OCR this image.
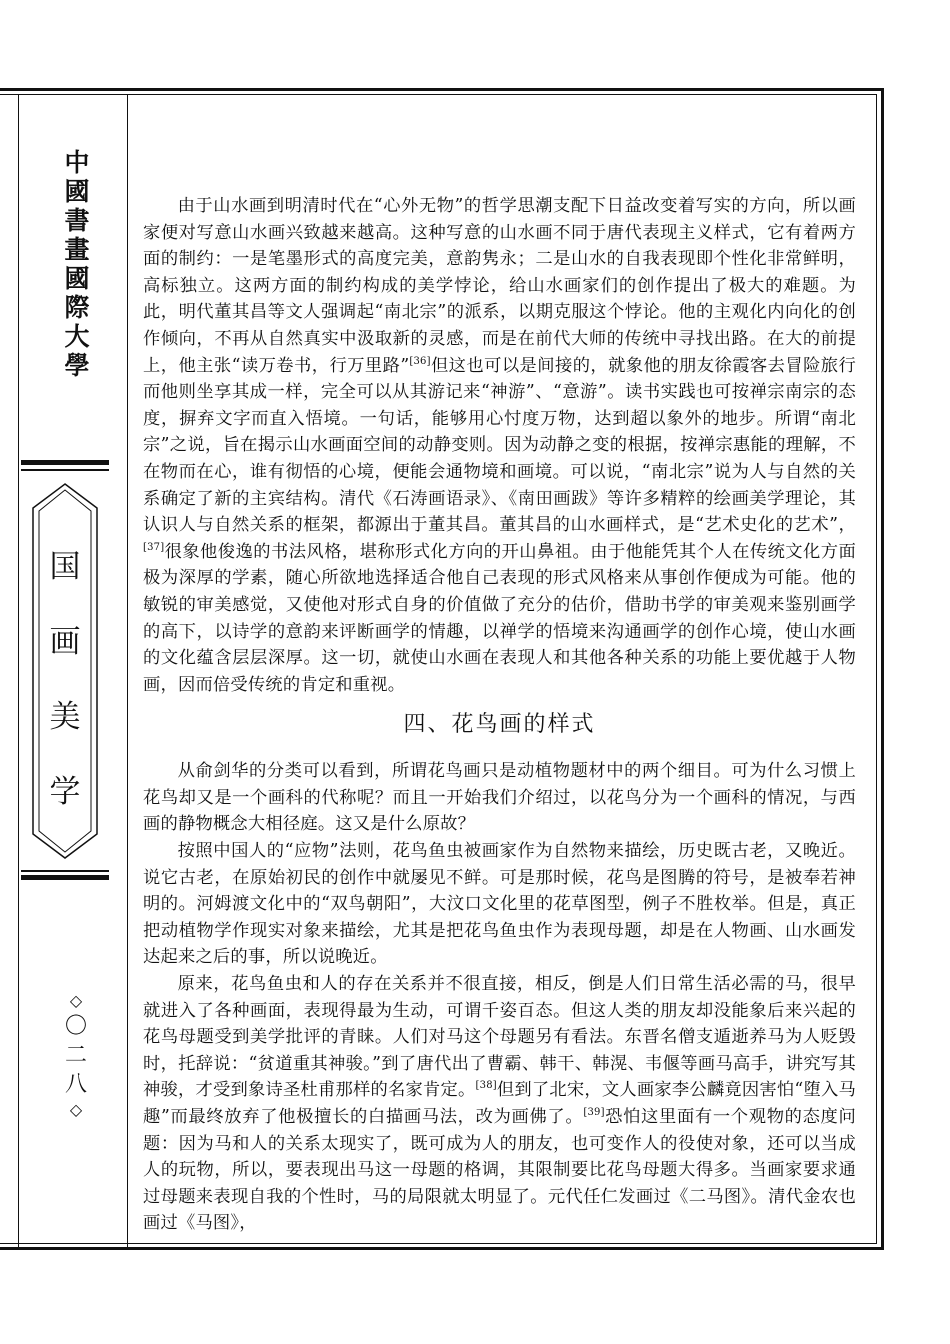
中
國
書
畫
國
際
大
學
国
画
美
学
◇
〇
二
八
◇

由于山水画到明清时代在“心外无物”的哲学思潮支配下日益改变着写实的方向，所以画家便对写意山水画兴致越来越高。这种写意的山水画不同于唐代表现主义样式，它有着两方面的制约：一是笔墨形式的高度完美，意韵隽永；二是山水的自我表现即个性化非常鲜明，高标独立。这两方面的制约构成的美学悖论，给山水画家们的创作提出了极大的难题。为此，明代董其昌等文人强调起“南北宗”的派系，以期克服这个悖论。他的主观化内向化的创作倾向，不再从自然真实中汲取新的灵感，而是在前代大师的传统中寻找出路。在大的前提上，他主张“读万卷书，行万里路”[36]但这也可以是间接的，就象他的朋友徐霞客去冒险旅行而他则坐享其成一样，完全可以从其游记来“神游”、“意游”。读书实践也可按禅宗南宗的态度，摒弃文字而直入悟境。一句话，能够用心忖度万物，达到超以象外的地步。所谓“南北宗”之说，旨在揭示山水画面空间的动静变则。因为动静之变的根据，按禅宗惠能的理解，不在物而在心，谁有彻悟的心境，便能会通物境和画境。可以说，“南北宗”说为人与自然的关系确定了新的主宾结构。清代《石涛画语录》、《南田画跋》等许多精粹的绘画美学理论，其认识人与自然关系的框架，都源出于董其昌。董其昌的山水画样式，是“艺术史化的艺术”，[37]很象他俊逸的书法风格，堪称形式化方向的开山鼻祖。由于他能凭其个人在传统文化方面极为深厚的学素，随心所欲地选择适合他自己表现的形式风格来从事创作便成为可能。他的敏锐的审美感觉，又使他对形式自身的价值做了充分的估价，借助书学的审美观来鉴别画学的高下，以诗学的意韵来评断画学的情趣，以禅学的悟境来沟通画学的创作心境，使山水画的文化蕴含层层深厚。这一切，就使山水画在表现人和其他各种关系的功能上要优越于人物画，因而倍受传统的肯定和重视。

四、花鸟画的样式

从俞剑华的分类可以看到，所谓花鸟画只是动植物题材中的两个细目。可为什么习惯上花鸟却又是一个画科的代称呢？而且一开始我们介绍过，以花鸟分为一个画科的情况，与西画的静物概念大相径庭。这又是什么原故？

按照中国人的“应物”法则，花鸟鱼虫被画家作为自然物来描绘，历史既古老，又晚近。说它古老，在原始初民的创作中就屡见不鲜。可是那时候，花鸟是图腾的符号，是被奉若神明的。河姆渡文化中的“双鸟朝阳”，大汶口文化里的花草图型，例子不胜枚举。但是，真正把动植物学作现实对象来描绘，尤其是把花鸟鱼虫作为表现母题，却是在人物画、山水画发达起来之后的事，所以说晚近。

原来，花鸟鱼虫和人的存在关系并不很直接，相反，倒是人们日常生活必需的马，很早就进入了各种画面，表现得最为生动，可谓千姿百态。但这人类的朋友却没能象后来兴起的花鸟母题受到美学批评的青睐。人们对马这个母题另有看法。东晋名僧支遁逝养马为人贬毁时，托辞说：“贫道重其神骏。”到了唐代出了曹霸、韩干、韩滉、韦偃等画马高手，讲究写其神骏，才受到象诗圣杜甫那样的名家肯定。[38]但到了北宋，文人画家李公麟竟因害怕“堕入马趣”而最终放弃了他极擅长的白描画马法，改为画佛了。[39]恐怕这里面有一个观物的态度问题：因为马和人的关系太现实了，既可成为人的朋友，也可变作人的役使对象，还可以当成人的玩物，所以，要表现出马这一母题的格调，其限制要比花鸟母题大得多。当画家要求通过母题来表现自我的个性时，马的局限就太明显了。元代任仁发画过《二马图》。清代金农也画过《马图》，
